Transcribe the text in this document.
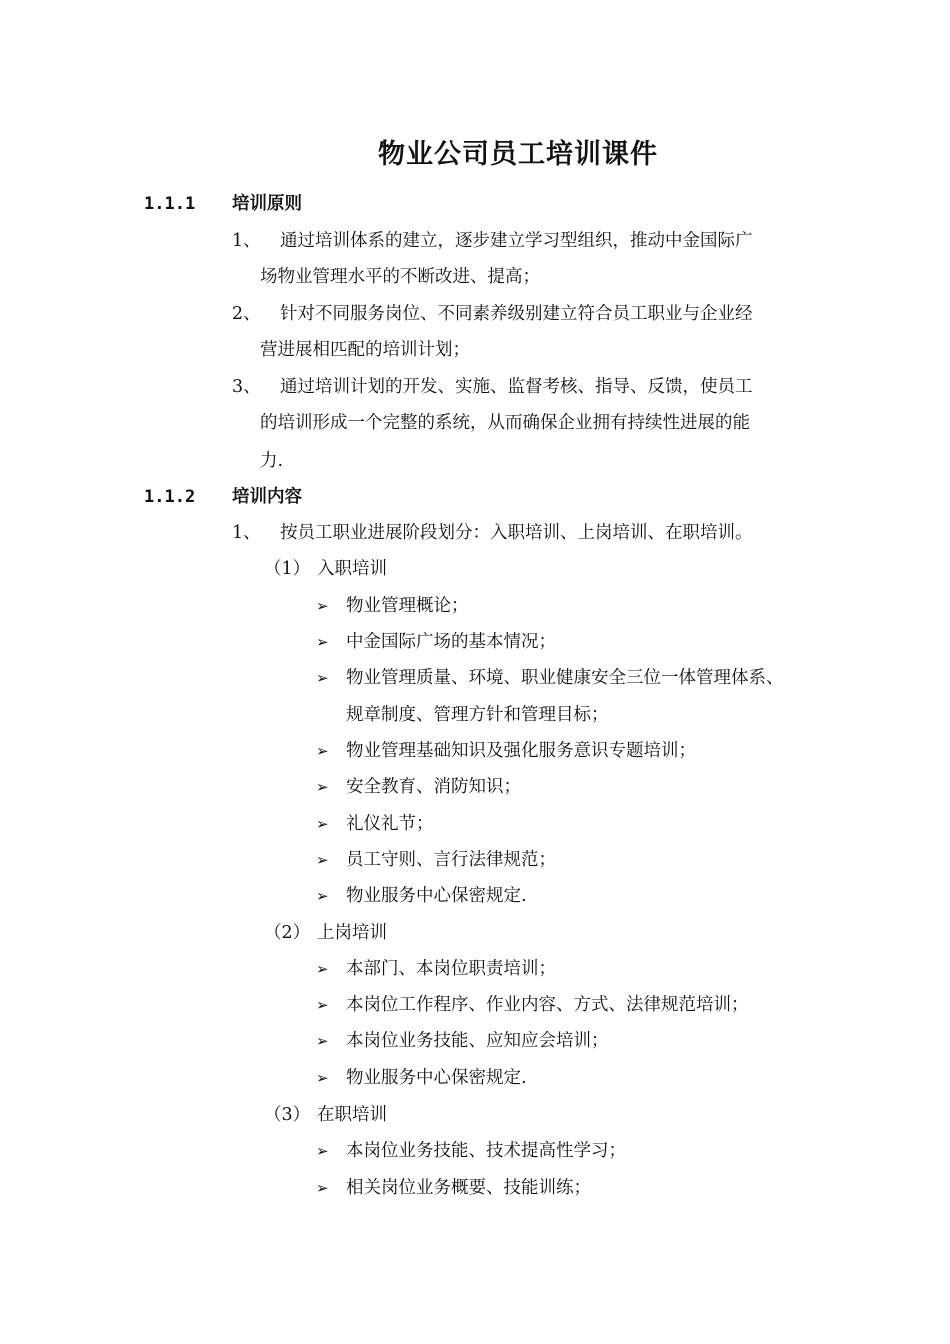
物业公司员工培训课件
1.1.1 培训原则
1、 通过培训体系的建立，逐步建立学习型组织，推动中金国际广
场物业管理水平的不断改进、提高；
2、 针对不同服务岗位、不同素养级别建立符合员工职业与企业经
营进展相匹配的培训计划；
3、 通过培训计划的开发、实施、监督考核、指导、反馈，使员工
的培训形成一个完整的系统，从而确保企业拥有持续性进展的能
力.
1.1.2 培训内容
1、 按员工职业进展阶段划分：入职培训、上岗培训、在职培训。
（1） 入职培训
➢ 物业管理概论；
➢ 中金国际广场的基本情况；
➢ 物业管理质量、环境、职业健康安全三位一体管理体系、
规章制度、管理方针和管理目标；
➢ 物业管理基础知识及强化服务意识专题培训；
➢ 安全教育、消防知识；
➢ 礼仪礼节；
➢ 员工守则、言行法律规范；
➢ 物业服务中心保密规定.
（2） 上岗培训
➢ 本部门、本岗位职责培训；
➢ 本岗位工作程序、作业内容、方式、法律规范培训；
➢ 本岗位业务技能、应知应会培训；
➢ 物业服务中心保密规定.
（3） 在职培训
➢ 本岗位业务技能、技术提高性学习；
➢ 相关岗位业务概要、技能训练；
